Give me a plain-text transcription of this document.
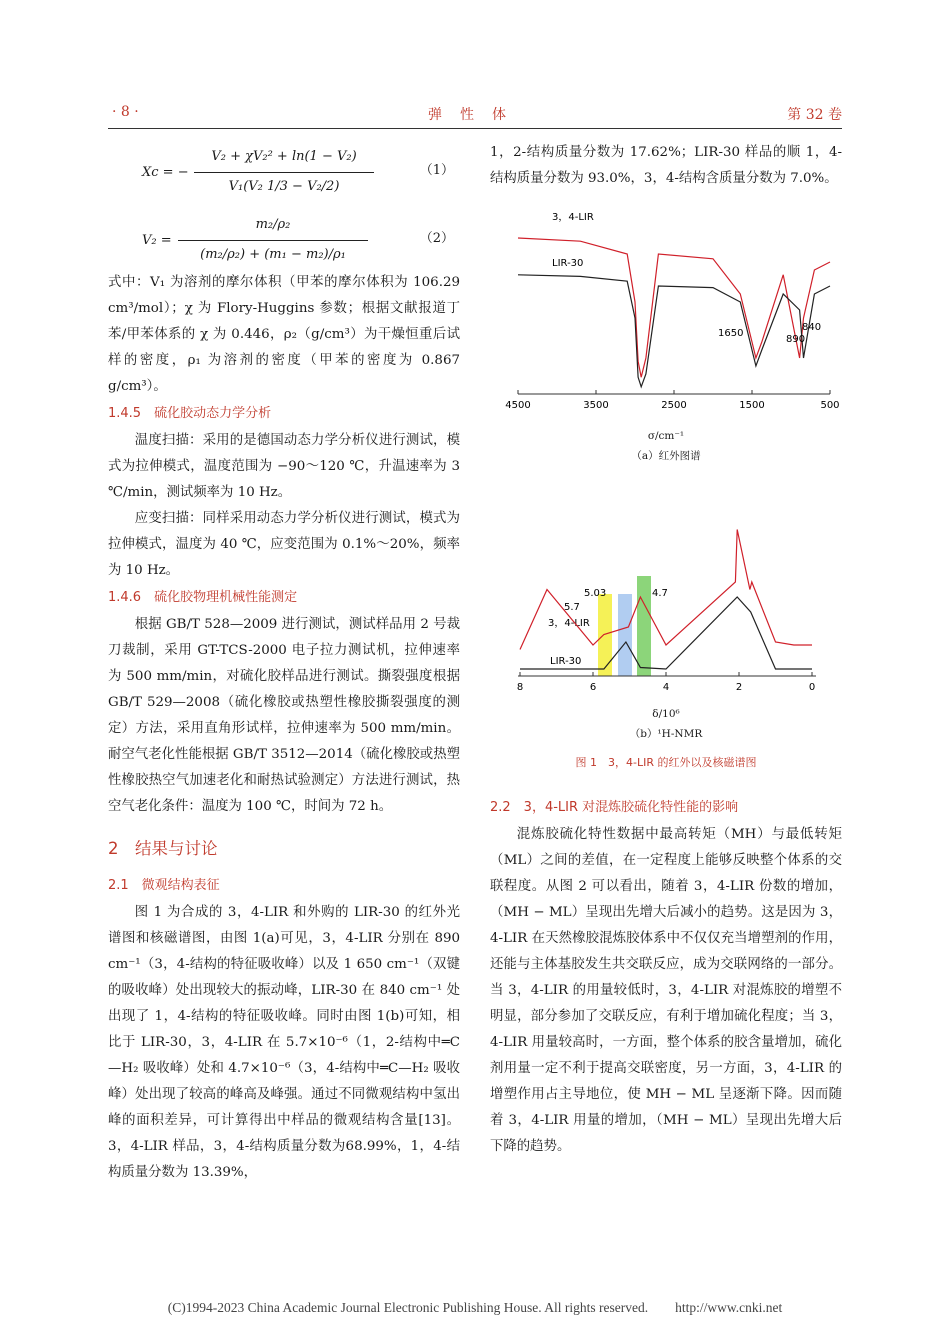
· 8 ·	弹　性　体	第 32 卷
Xc = −
V₂ + χV₂² + ln(1 − V₂)
V₁(V₂ 1/3 − V₂/2)
（1）
V₂ =
m₂/ρ₂
(m₂/ρ₂) + (m₁ − m₂)/ρ₁
（2）

式中：V₁ 为溶剂的摩尔体积（甲苯的摩尔体积为 106.29 cm³/mol）；χ 为 Flory-Huggins 参数；根据文献报道丁苯/甲苯体系的 χ 为 0.446，ρ₂（g/cm³）为干燥恒重后试样的密度，ρ₁ 为溶剂的密度（甲苯的密度为 0.867 g/cm³）。

1.4.5　硫化胶动态力学分析

温度扫描：采用的是德国动态力学分析仪进行测试，模式为拉伸模式，温度范围为 −90～120 ℃，升温速率为 3 ℃/min，测试频率为 10 Hz。

应变扫描：同样采用动态力学分析仪进行测试，模式为拉伸模式，温度为 40 ℃，应变范围为 0.1%～20%，频率为 10 Hz。

1.4.6　硫化胶物理机械性能测定

根据 GB/T 528—2009 进行测试，测试样品用 2 号裁刀裁制，采用 GT-TCS-2000 电子拉力测试机，拉伸速率为 500 mm/min，对硫化胶样品进行测试。撕裂强度根据 GB/T 529—2008（硫化橡胶或热塑性橡胶撕裂强度的测定）方法，采用直角形试样，拉伸速率为 500 mm/min。耐空气老化性能根据 GB/T 3512—2014（硫化橡胶或热塑性橡胶热空气加速老化和耐热试验测定）方法进行测试，热空气老化条件：温度为 100 ℃，时间为 72 h。

2　结果与讨论

2.1　微观结构表征

图 1 为合成的 3，4-LIR 和外购的 LIR-30 的红外光谱图和核磁谱图，由图 1(a)可见，3，4-LIR 分别在 890 cm⁻¹（3，4-结构的特征吸收峰）以及 1 650 cm⁻¹（双键的吸收峰）处出现较大的振动峰，LIR-30 在 840 cm⁻¹ 处出现了 1，4-结构的特征吸收峰。同时由图 1(b)可知，相比于 LIR-30，3，4-LIR 在 5.7×10⁻⁶（1，2-结构中═C—H₂ 吸收峰）处和 4.7×10⁻⁶（3，4-结构中═C—H₂ 吸收峰）处出现了较高的峰高及峰强。通过不同微观结构中氢出峰的面积差异，可计算得出中样品的微观结构含量[13]。3，4-LIR 样品，3，4-结构质量分数为68.99%，1，4-结构质量分数为 13.39%，

1，2-结构质量分数为 17.62%；LIR-30 样品的顺 1，4-结构质量分数为 93.0%，3，4-结构含质量分数为 7.0%。

3，4-LIR
LIR-30
1650
890
840
4500	3500	2500	1500	500
σ/cm⁻¹
（a）红外图谱
3，4-LIR
LIR-30
5.03
5.7
4.7
8	6	4	2	0
δ/10⁶
（b）¹H-NMR
图 1　3，4-LIR 的红外以及核磁谱图

2.2　3，4-LIR 对混炼胶硫化特性能的影响

混炼胶硫化特性数据中最高转矩（MH）与最低转矩（ML）之间的差值，在一定程度上能够反映整个体系的交联程度。从图 2 可以看出，随着 3，4-LIR 份数的增加，（MH − ML）呈现出先增大后减小的趋势。这是因为 3，4-LIR 在天然橡胶混炼胶体系中不仅仅充当增塑剂的作用，还能与主体基胶发生共交联反应，成为交联网络的一部分。当 3，4-LIR 的用量较低时，3，4-LIR 对混炼胶的增塑不明显，部分参加了交联反应，有利于增加硫化程度；当 3，4-LIR 用量较高时，一方面，整个体系的胶含量增加，硫化剂用量一定不利于提高交联密度，另一方面，3，4-LIR 的增塑作用占主导地位，使 MH − ML 呈逐渐下降。因而随着 3，4-LIR 用量的增加，（MH − ML）呈现出先增大后下降的趋势。

(C)1994-2023 China Academic Journal Electronic Publishing House. All rights reserved.　　http://www.cnki.net
